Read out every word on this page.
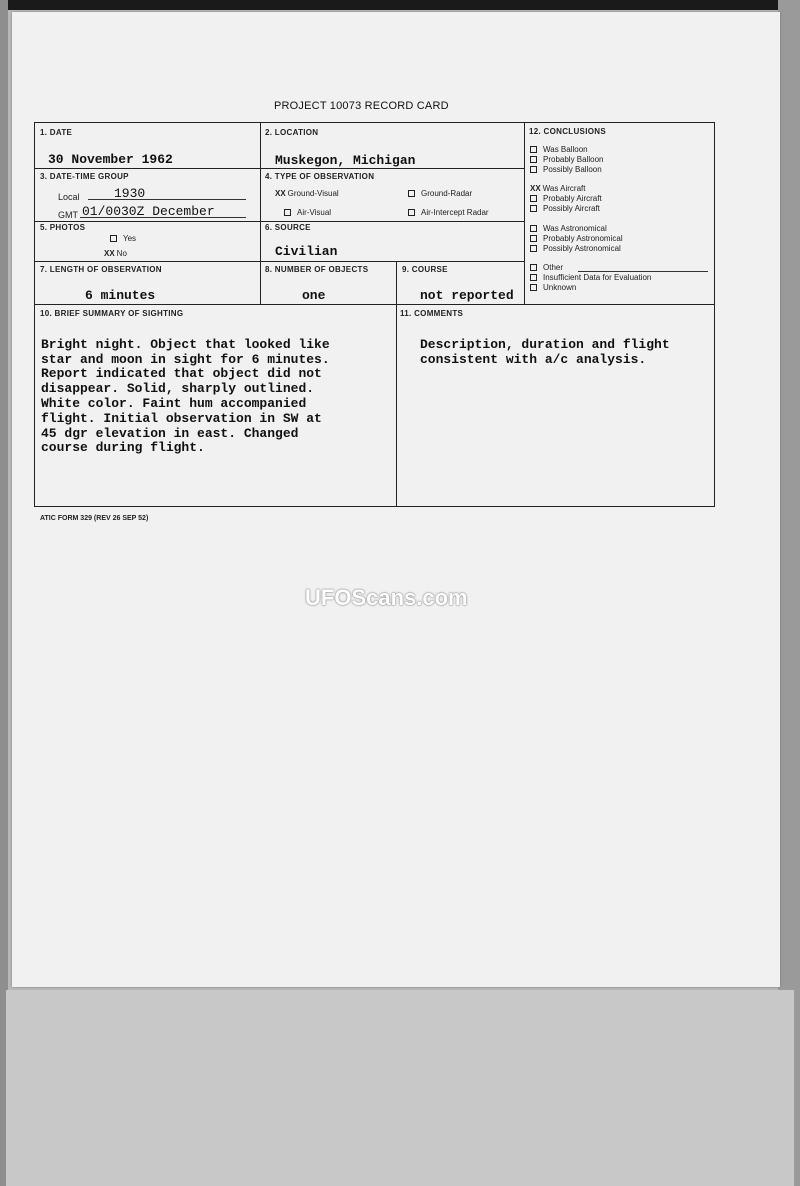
PROJECT 10073 RECORD CARD
1. DATE
30 November 1962
2. LOCATION
Muskegon, Michigan
3. DATE-TIME GROUP
Local	1930
GMT 01/0030Z December
4. TYPE OF OBSERVATION
XX Ground-Visual	Ground-Radar
Air-Visual	Air-Intercept Radar
5. PHOTOS
Yes
XX No
6. SOURCE
Civilian
7. LENGTH OF OBSERVATION
6 minutes
8. NUMBER OF OBJECTS
one
9. COURSE
not reported
10. BRIEF SUMMARY OF SIGHTING

Bright night. Object that looked like
star and moon in sight for 6 minutes.
Report indicated that object did not
disappear. Solid, sharply outlined.
White color. Faint hum accompanied
flight. Initial observation in SW at
45 dgr elevation in east. Changed
course during flight.

11. COMMENTS

Description, duration and flight
consistent with a/c analysis.

12. CONCLUSIONS
Was Balloon
Probably Balloon
Possibly Balloon
XX Was Aircraft
Probably Aircraft
Possibly Aircraft
Was Astronomical
Probably Astronomical
Possibly Astronomical
Other
Insufficient Data for Evaluation
Unknown
ATIC FORM 329 (REV 26 SEP 52)
UFOScans.com
